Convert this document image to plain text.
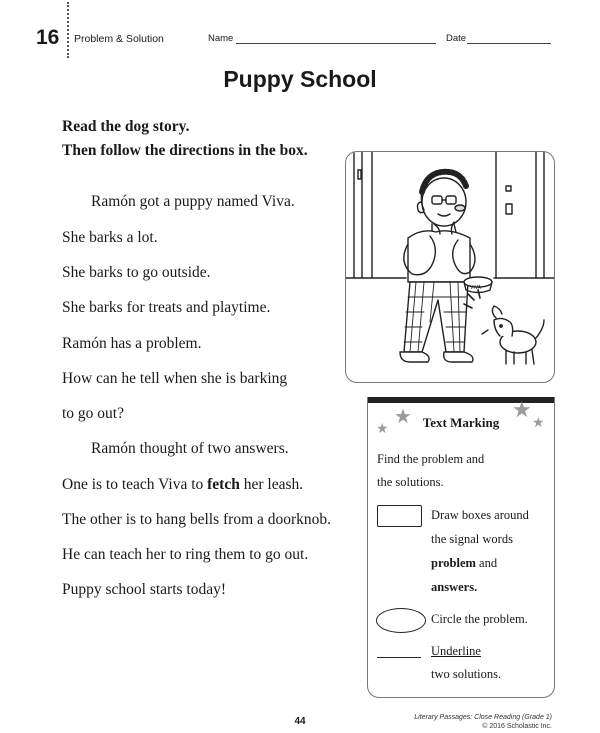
16 Problem & Solution	Name	Date
Puppy School
Read the dog story.
Then follow the directions in the box.
Ramón got a puppy named Viva.
She barks a lot.
She barks to go outside.
She barks for treats and playtime.
Ramón has a problem.
How can he tell when she is barking
to go out?
Ramón thought of two answers.
One is to teach Viva to fetch her leash.
The other is to hang bells from a doorknob.
He can teach her to ring them to go out.
Puppy school starts today!
VIVA
★
★	★
★
Text Marking
Find the problem and
the solutions.
Draw boxes around
the signal words
problem and
answers.
Circle the problem.
Underline
two solutions.
44	Literary Passages: Close Reading (Grade 1)
© 2016 Scholastic Inc.
